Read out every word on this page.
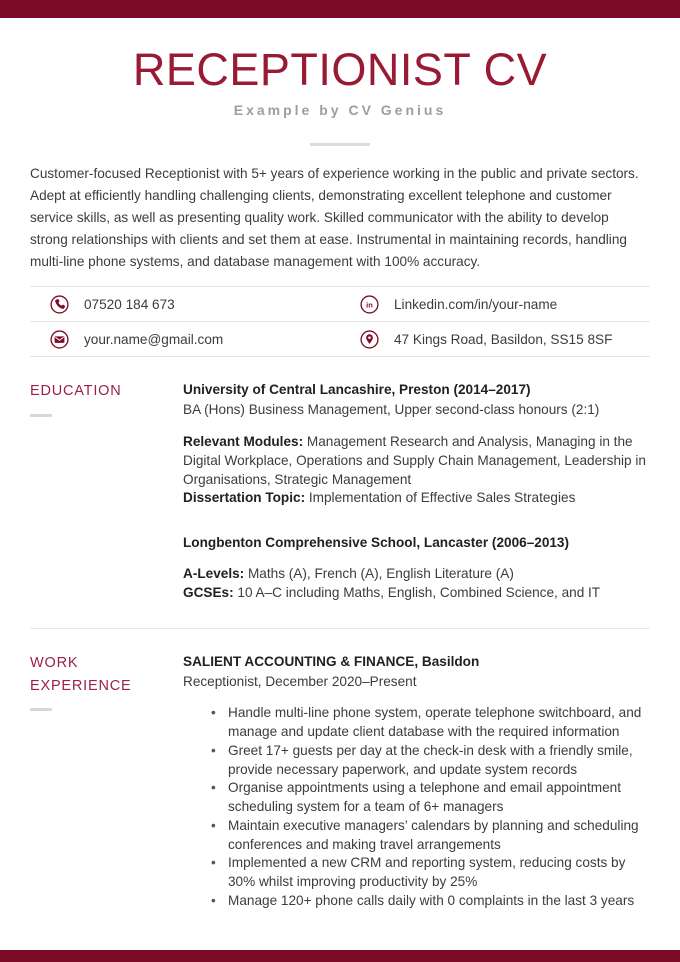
RECEPTIONIST CV
Example by CV Genius

Customer-focused Receptionist with 5+ years of experience working in the public and private sectors. Adept at efficiently handling challenging clients, demonstrating excellent telephone and customer service skills, as well as presenting quality work. Skilled communicator with the ability to develop strong relationships with clients and set them at ease. Instrumental in maintaining records, handling multi-line phone systems, and database management with 100% accuracy.

07520 184 673	in Linkedin.com/in/your-name
your.name@gmail.com	47 Kings Road, Basildon, SS15 8SF
EDUCATION	University of Central Lancashire, Preston (2014–2017)
BA (Hons) Business Management, Upper second-class honours (2:1)
Relevant Modules: Management Research and Analysis, Managing in the Digital Workplace, Operations and Supply Chain Management, Leadership in Organisations, Strategic Management
Dissertation Topic: Implementation of Effective Sales Strategies
Longbenton Comprehensive School, Lancaster (2006–2013)
A-Levels: Maths (A), French (A), English Literature (A)
GCSEs: 10 A–C including Maths, English, Combined Science, and IT
WORK EXPERIENCE
SALIENT ACCOUNTING & FINANCE, Basildon
Receptionist, December 2020–Present
• Handle multi-line phone system, operate telephone switchboard, and manage and update client database with the required information
• Greet 17+ guests per day at the check-in desk with a friendly smile, provide necessary paperwork, and update system records
• Organise appointments using a telephone and email appointment scheduling system for a team of 6+ managers
• Maintain executive managers’ calendars by planning and scheduling conferences and making travel arrangements
• Implemented a new CRM and reporting system, reducing costs by 30% whilst improving productivity by 25%
• Manage 120+ phone calls daily with 0 complaints in the last 3 years
